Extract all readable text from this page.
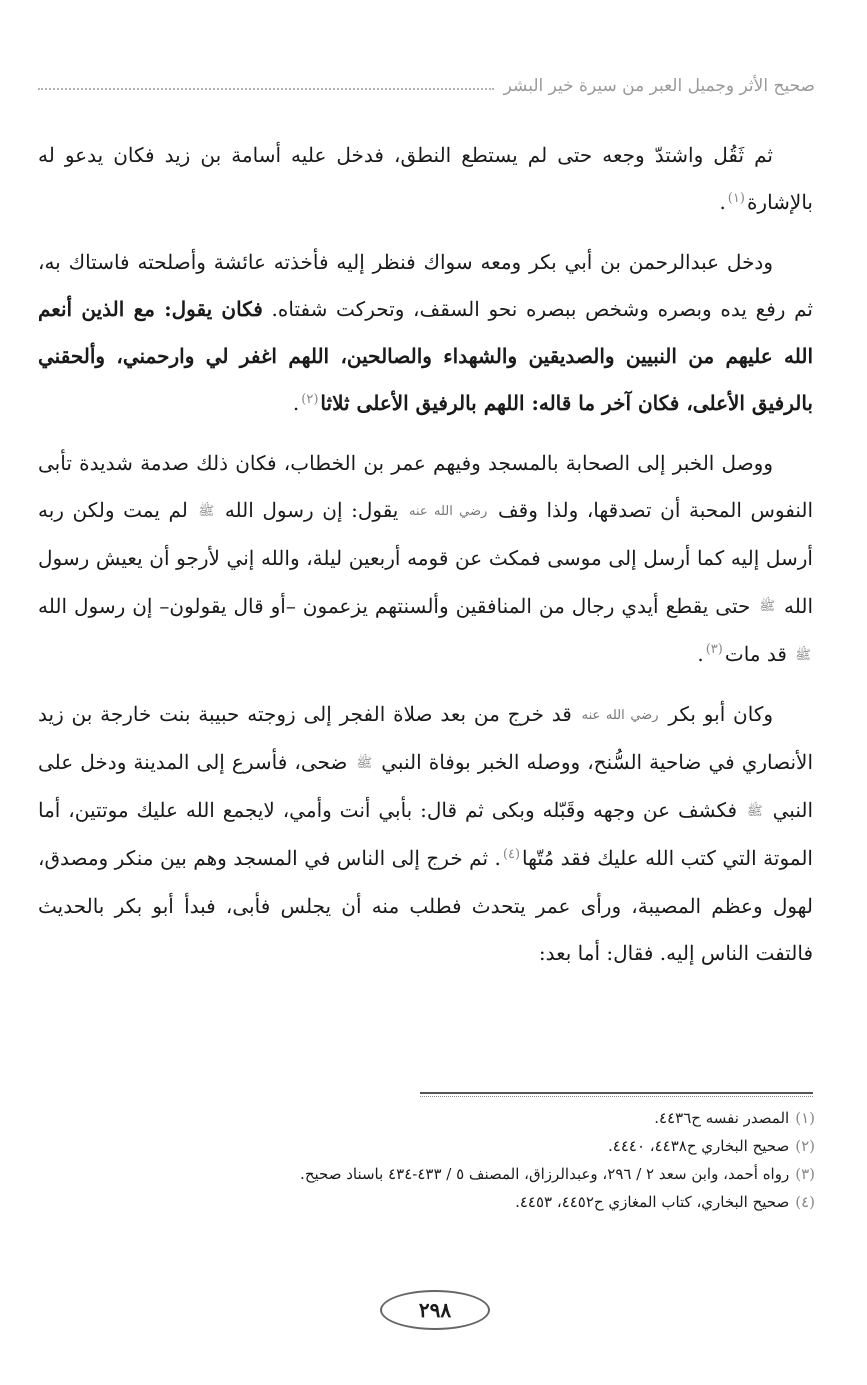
صحيح الأثر وجميل العبر من سيرة خير البشر

ثم ثَقُل واشتدّ وجعه حتى لم يستطع النطق، فدخل عليه أسامة بن زيد فكان يدعو له بالإشارة$^{(١)}$.

ودخل عبدالرحمن بن أبي بكر ومعه سواك فنظر إليه فأخذته عائشة وأصلحته فاستاك به، ثم رفع يده وبصره وشخص ببصره نحو السقف، وتحركت شفتاه. فكان يقول: مع الذين أنعم الله عليهم من النبيين والصديقين والشهداء والصالحين، اللهم اغفر لي وارحمني، وألحقني بالرفيق الأعلى، فكان آخر ما قاله: اللهم بالرفيق الأعلى ثلاثا$^{(٢)}$.

ووصل الخبر إلى الصحابة بالمسجد وفيهم عمر بن الخطاب، فكان ذلك صدمة شديدة تأبى النفوس المحبة أن تصدقها، ولذا وقف رضي الله عنه يقول: إن رسول الله ﷺ لم يمت ولكن ربه أرسل إليه كما أرسل إلى موسى فمكث عن قومه أربعين ليلة، والله إني لأرجو أن يعيش رسول الله ﷺ حتى يقطع أيدي رجال من المنافقين وألسنتهم يزعمون –أو قال يقولون– إن رسول الله ﷺ قد مات$^{(٣)}$.

وكان أبو بكر رضي الله عنه قد خرج من بعد صلاة الفجر إلى زوجته حبيبة بنت خارجة بن زيد الأنصاري في ضاحية السُّنح، ووصله الخبر بوفاة النبي ﷺ ضحى، فأسرع إلى المدينة ودخل على النبي ﷺ فكشف عن وجهه وقَبّله وبكى ثم قال: بأبي أنت وأمي، لايجمع الله عليك موتتين، أما الموتة التي كتب الله عليك فقد مُتّها$^{(٤)}$. ثم خرج إلى الناس في المسجد وهم بين منكر ومصدق، لهول وعظم المصيبة، ورأى عمر يتحدث فطلب منه أن يجلس فأبى، فبدأ أبو بكر بالحديث فالتفت الناس إليه. فقال: أما بعد:

(١)
المصدر نفسه ح٤٤٣٦.
(٢)
صحيح البخاري ح٤٤٣٨، ٤٤٤٠.
(٣)
رواه أحمد، وابن سعد ٢ / ٢٩٦، وعبدالرزاق، المصنف ٥ / ٤٣٣-٤٣٤ باسناد صحيح.
(٤)
صحيح البخاري، كتاب المغازي ح٤٤٥٢، ٤٤٥٣.
٢٩٨
